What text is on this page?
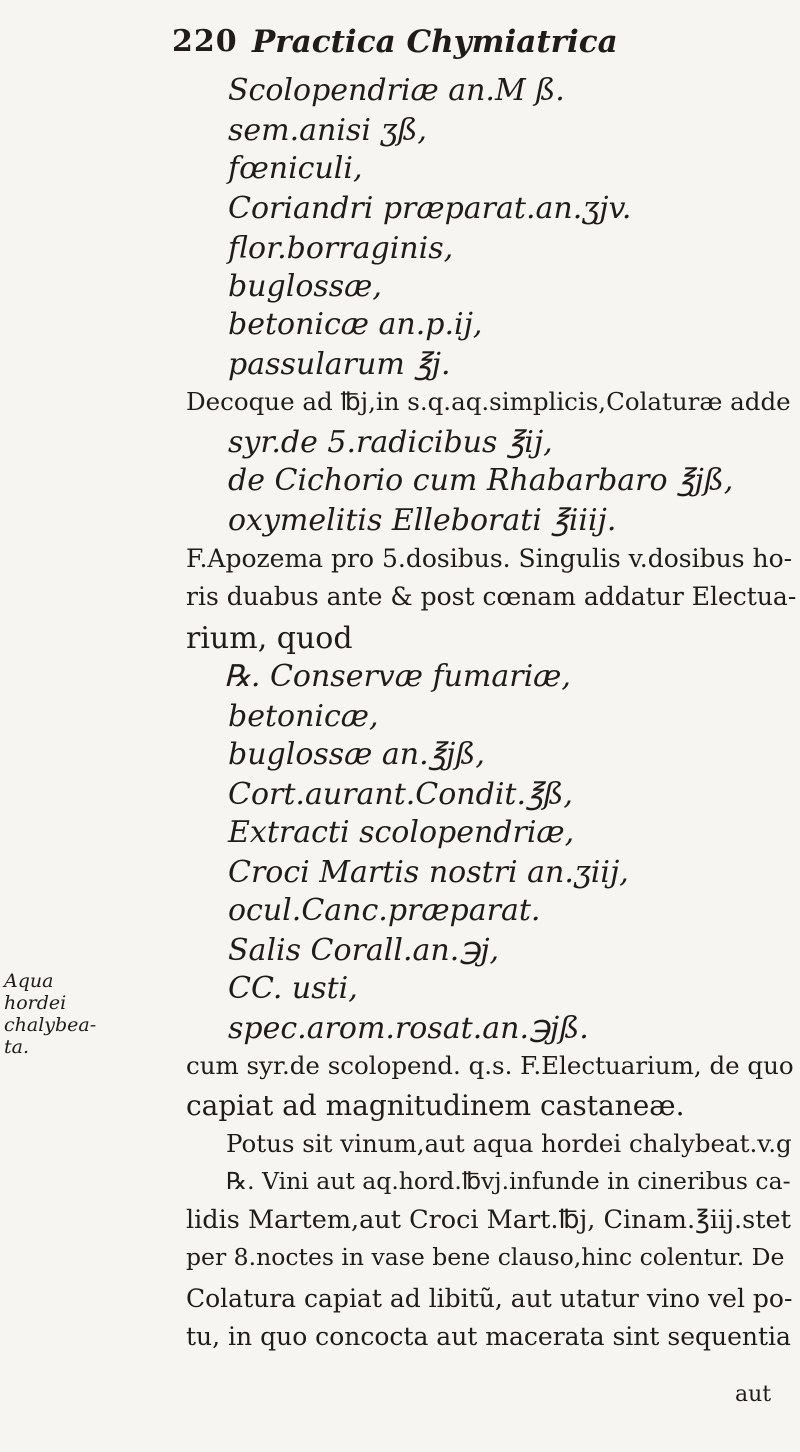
220 Practica Chymiatrica
Scolopendriæ an.M ß.
sem.anisi ʒß,
fœniculi,
Coriandri præparat.an.ʒjv.
flor.borraginis,
buglossæ,
betonicæ an.p.ij,
passularum ℥j.
Decoque ad ℔j,in s.q.aq.simplicis,Colaturæ adde
syr.de 5.radicibus ℥ij,
de Cichorio cum Rhabarbaro ℥jß,
oxymelitis Elleborati ℥iiij.
F.Apozema pro 5.dosibus. Singulis v.dosibus ho-
ris duabus ante & post cœnam addatur Electua-
rium, quod
℞. Conservæ fumariæ,
betonicæ,
buglossæ an.℥jß,
Cort.aurant.Condit.℥ß,
Extracti scolopendriæ,
Croci Martis nostri an.ʒiij,
ocul.Canc.præparat.
Salis Corall.an.℈j,
CC. usti,
spec.arom.rosat.an.℈jß.
cum syr.de scolopend. q.s. F.Electuarium, de quo
capiat ad magnitudinem castaneæ.
Potus sit vinum,aut aqua hordei chalybeat.v.g
℞. Vini aut aq.hord.℔vj.infunde in cineribus ca-
lidis Martem,aut Croci Mart.℔j, Cinam.℥iij.stet
per 8.noctes in vase bene clauso,hinc colentur. De
Colatura capiat ad libitũ, aut utatur vino vel po-
tu, in quo concocta aut macerata sint sequentia
Aqua
hordei
chalybea-
ta.
aut
